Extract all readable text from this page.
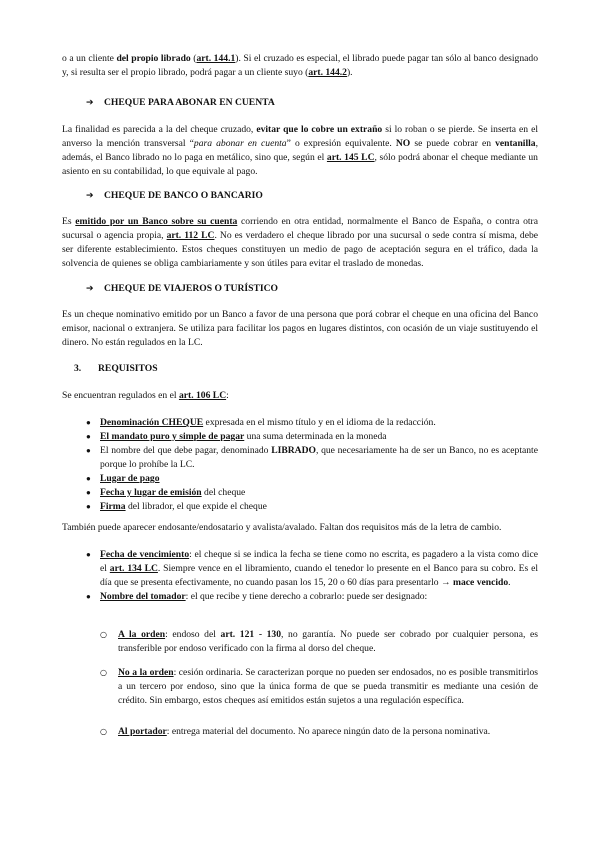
o a un cliente del propio librado (art. 144.1). Si el cruzado es especial, el librado puede pagar tan sólo al banco designado y, si resulta ser el propio librado, podrá pagar a un cliente suyo (art. 144.2).

➔ CHEQUE PARA ABONAR EN CUENTA

La finalidad es parecida a la del cheque cruzado, evitar que lo cobre un extraño si lo roban o se pierde. Se inserta en el anverso la mención transversal “para abonar en cuenta” o expresión equivalente. NO se puede cobrar en ventanilla, además, el Banco librado no lo paga en metálico, sino que, según el art. 145 LC, sólo podrá abonar el cheque mediante un asiento en su contabilidad, lo que equivale al pago.

➔ CHEQUE DE BANCO O BANCARIO

Es emitido por un Banco sobre su cuenta corriendo en otra entidad, normalmente el Banco de España, o contra otra sucursal o agencia propia, art. 112 LC. No es verdadero el cheque librado por una sucursal o sede contra sí misma, debe ser diferente establecimiento. Estos cheques constituyen un medio de pago de aceptación segura en el tráfico, dada la solvencia de quienes se obliga cambiariamente y son útiles para evitar el traslado de monedas.

➔ CHEQUE DE VIAJEROS O TURÍSTICO

Es un cheque nominativo emitido por un Banco a favor de una persona que porá cobrar el cheque en una oficina del Banco emisor, nacional o extranjera. Se utiliza para facilitar los pagos en lugares distintos, con ocasión de un viaje sustituyendo el dinero. No están regulados en la LC.

3. REQUISITOS

Se encuentran regulados en el art. 106 LC:

● Denominación CHEQUE expresada en el mismo título y en el idioma de la redacción.
● El mandato puro y simple de pagar una suma determinada en la moneda
● El nombre del que debe pagar, denominado LIBRADO, que necesariamente ha de ser un Banco, no es aceptante porque lo prohíbe la LC.
● Lugar de pago
● Fecha y lugar de emisión del cheque
● Firma del librador, el que expide el cheque

También puede aparecer endosante/endosatario y avalista/avalado. Faltan dos requisitos más de la letra de cambio.

● Fecha de vencimiento: el cheque si se indica la fecha se tiene como no escrita, es pagadero a la vista como dice el art. 134 LC. Siempre vence en el libramiento, cuando el tenedor lo presente en el Banco para su cobro. Es el día que se presenta efectivamente, no cuando pasan los 15, 20 o 60 días para presentarlo → mace vencido.
● Nombre del tomador: el que recibe y tiene derecho a cobrarlo: puede ser designado:

○ A la orden: endoso del art. 121 - 130, no garantía. No puede ser cobrado por cualquier persona, es transferible por endoso verificado con la firma al dorso del cheque.

○ No a la orden: cesión ordinaria. Se caracterizan porque no pueden ser endosados, no es posible transmitirlos a un tercero por endoso, sino que la única forma de que se pueda transmitir es mediante una cesión de crédito. Sin embargo, estos cheques así emitidos están sujetos a una regulación específica.

○ Al portador: entrega material del documento. No aparece ningún dato de la persona nominativa.
